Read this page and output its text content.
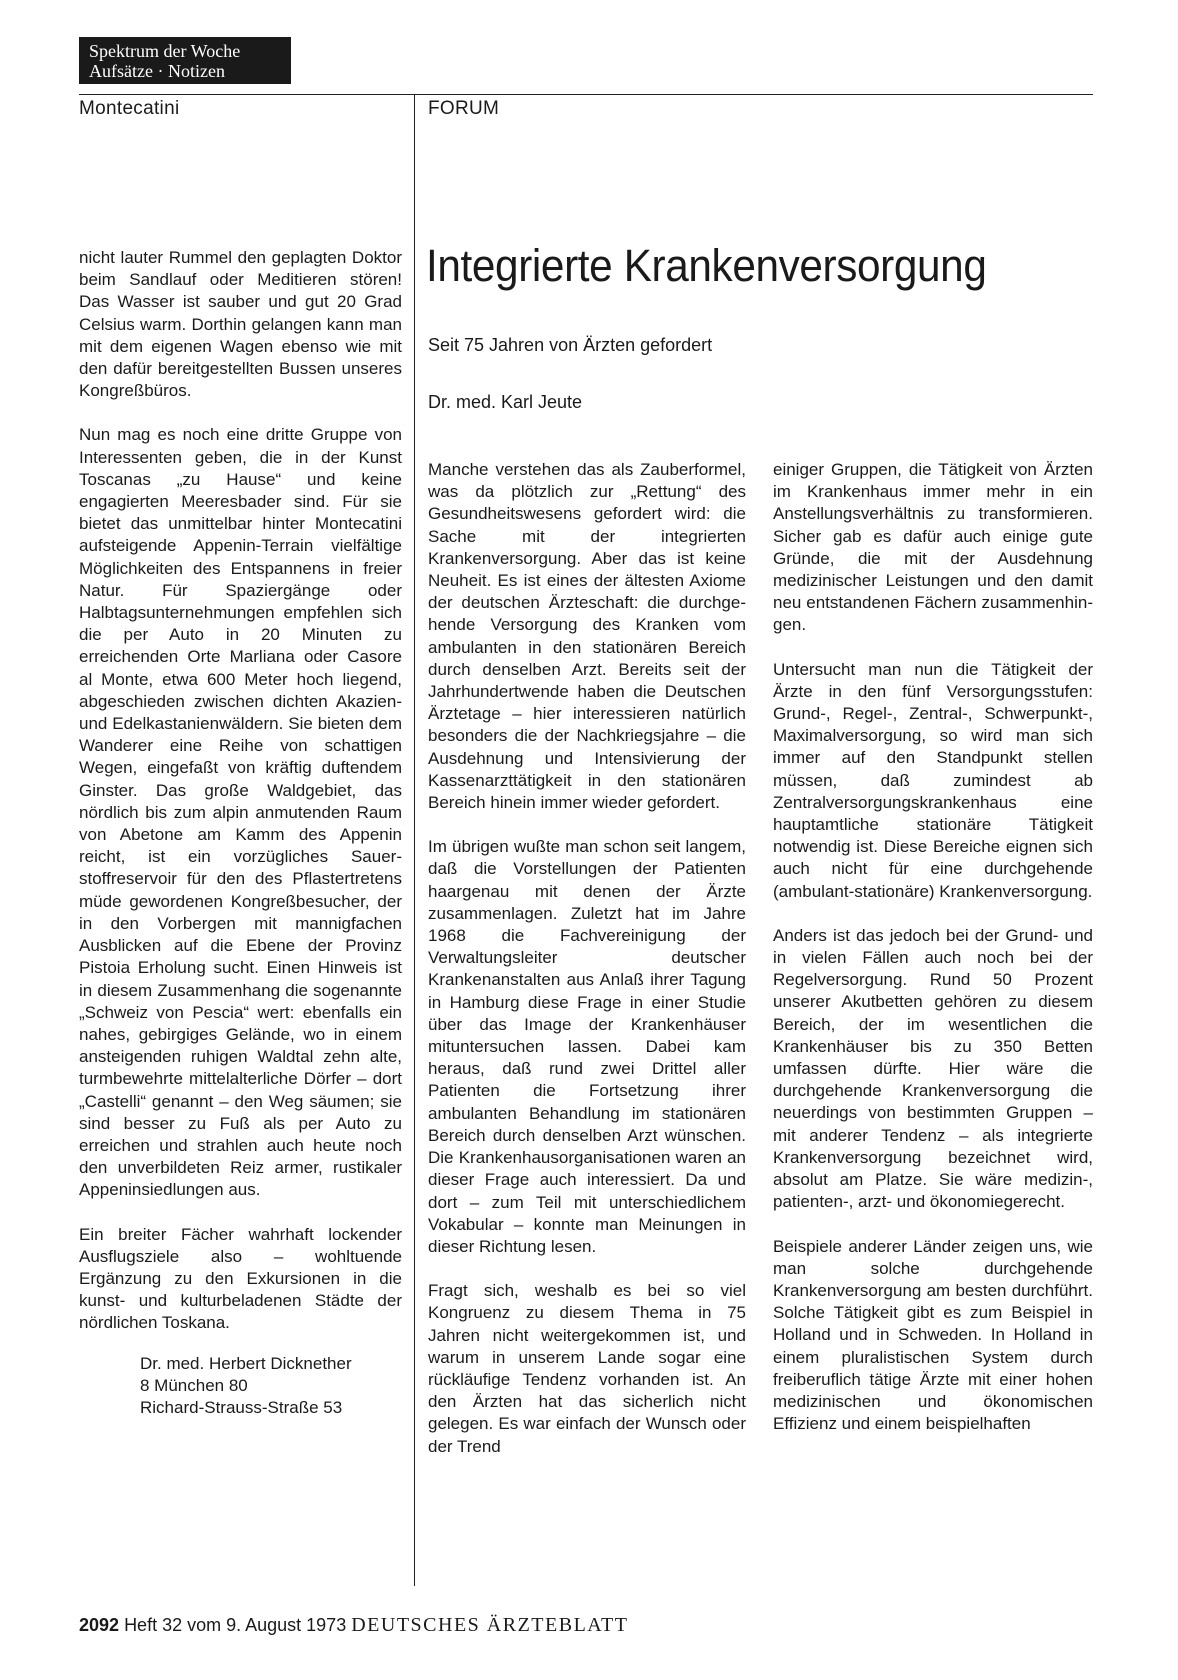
Spektrum der Woche
Aufsätze · Notizen
Montecatini	FORUM

nicht lauter Rummel den geplagten Doktor beim Sandlauf oder Meditieren stören! Das Wasser ist sauber und gut 20 Grad Celsius warm. Dorthin gelangen kann man mit dem eigenen Wagen ebenso wie mit den dafür bereitgestellten Bussen unseres Kongreßbüros.

Nun mag es noch eine dritte Gruppe von Interessenten geben, die in der Kunst Toscanas „zu Hause“ und keine engagierten Meeresbader sind. Für sie bietet das unmittelbar hinter Montecatini aufsteigende Appenin-Terrain vielfältige Möglichkeiten des Entspannens in freier Natur. Für Spaziergänge oder Halbtagsunternehmungen empfehlen sich die per Auto in 20 Minuten zu erreichenden Orte Marliana oder Casore al Monte, etwa 600 Meter hoch liegend, abgeschieden zwischen dichten Akazien- und Edelkastanienwäldern. Sie bieten dem Wanderer eine Reihe von schattigen Wegen, eingefaßt von kräftig duftendem Ginster. Das große Waldgebiet, das nördlich bis zum alpin anmutenden Raum von Abetone am Kamm des Appenin reicht, ist ein vorzügliches Sauerstoffreservoir für den des Pflastertretens müde gewordenen Kongreßbesucher, der in den Vorbergen mit mannigfachen Ausblicken auf die Ebene der Provinz Pistoia Erholung sucht. Einen Hinweis ist in diesem Zusammenhang die sogenannte „Schweiz von Pescia“ wert: ebenfalls ein nahes, gebirgiges Gelände, wo in einem ansteigenden ruhigen Waldtal zehn alte, turmbewehrte mittelalterliche Dörfer – dort „Castelli“ genannt – den Weg säumen; sie sind besser zu Fuß als per Auto zu erreichen und strahlen auch heute noch den unverbildeten Reiz armer, rustikaler Appeninsiedlungen aus.

Ein breiter Fächer wahrhaft lockender Ausflugsziele also – wohltuende Ergänzung zu den Exkursionen in die kunst- und kulturbeladenen Städte der nördlichen Toskana.

Dr. med. Herbert Dicknether
8 München 80
Richard-Strauss-Straße 53
Integrierte Krankenversorgung
Seit 75 Jahren von Ärzten gefordert
Dr. med. Karl Jeute

Manche verstehen das als Zauberformel, was da plötzlich zur „Rettung“ des Gesundheitswesens gefordert wird: die Sache mit der integrierten Krankenversorgung. Aber das ist keine Neuheit. Es ist eines der ältesten Axiome der deutschen Ärzteschaft: die durchgehende Versorgung des Kranken vom ambulanten in den stationären Bereich durch denselben Arzt. Bereits seit der Jahrhundertwende haben die Deutschen Ärztetage – hier interessieren natürlich besonders die der Nachkriegsjahre – die Ausdehnung und Intensivierung der Kassenarzttätigkeit in den stationären Bereich hinein immer wieder gefordert.

Im übrigen wußte man schon seit langem, daß die Vorstellungen der Patienten haargenau mit denen der Ärzte zusammenlagen. Zuletzt hat im Jahre 1968 die Fachvereinigung der Verwaltungsleiter deutscher Krankenanstalten aus Anlaß ihrer Tagung in Hamburg diese Frage in einer Studie über das Image der Krankenhäuser mituntersuchen lassen. Dabei kam heraus, daß rund zwei Drittel aller Patienten die Fortsetzung ihrer ambulanten Behandlung im stationären Bereich durch denselben Arzt wünschen. Die Krankenhausorganisationen waren an dieser Frage auch interessiert. Da und dort – zum Teil mit unterschiedlichem Vokabular – konnte man Meinungen in dieser Richtung lesen.

Fragt sich, weshalb es bei so viel Kongruenz zu diesem Thema in 75 Jahren nicht weitergekommen ist, und warum in unserem Lande sogar eine rückläufige Tendenz vorhanden ist. An den Ärzten hat das sicherlich nicht gelegen. Es war einfach der Wunsch oder der Trend

einiger Gruppen, die Tätigkeit von Ärzten im Krankenhaus immer mehr in ein Anstellungsverhältnis zu transformieren. Sicher gab es dafür auch einige gute Gründe, die mit der Ausdehnung medizinischer Leistungen und den damit neu entstandenen Fächern zusammenhingen.

Untersucht man nun die Tätigkeit der Ärzte in den fünf Versorgungsstufen: Grund-, Regel-, Zentral-, Schwerpunkt-, Maximalversorgung, so wird man sich immer auf den Standpunkt stellen müssen, daß zumindest ab Zentralversorgungskrankenhaus eine hauptamtliche stationäre Tätigkeit notwendig ist. Diese Bereiche eignen sich auch nicht für eine durchgehende (ambulant-stationäre) Krankenversorgung.

Anders ist das jedoch bei der Grund- und in vielen Fällen auch noch bei der Regelversorgung. Rund 50 Prozent unserer Akutbetten gehören zu diesem Bereich, der im wesentlichen die Krankenhäuser bis zu 350 Betten umfassen dürfte. Hier wäre die durchgehende Krankenversorgung die neuerdings von bestimmten Gruppen – mit anderer Tendenz – als integrierte Krankenversorgung bezeichnet wird, absolut am Platze. Sie wäre medizin-, patienten-, arzt- und ökonomiegerecht.

Beispiele anderer Länder zeigen uns, wie man solche durchgehende Krankenversorgung am besten durchführt. Solche Tätigkeit gibt es zum Beispiel in Holland und in Schweden. In Holland in einem pluralistischen System durch freiberuflich tätige Ärzte mit einer hohen medizinischen und ökonomischen Effizienz und einem beispielhaften

2092 Heft 32 vom 9. August 1973 DEUTSCHES ÄRZTEBLATT
